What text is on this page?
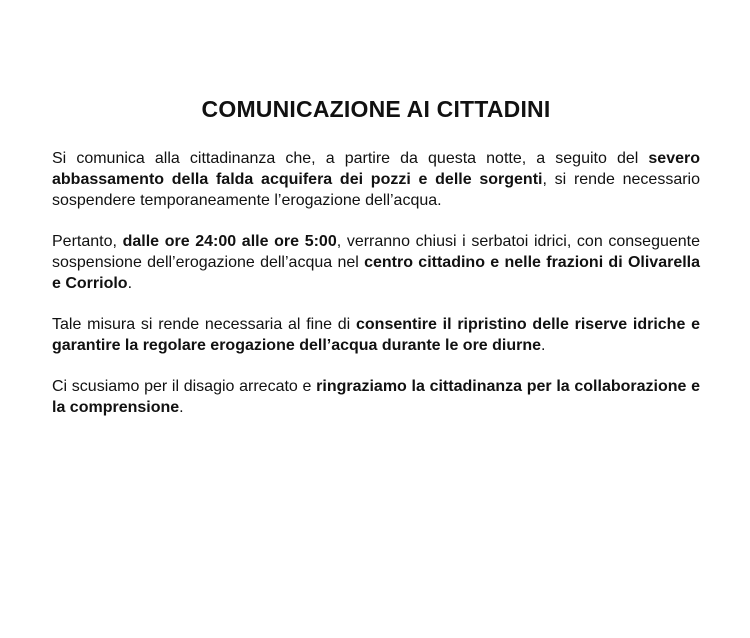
COMUNICAZIONE AI CITTADINI

Si comunica alla cittadinanza che, a partire da questa notte, a seguito del severo abbassamento della falda acquifera dei pozzi e delle sorgenti, si rende necessario sospendere temporaneamente l’erogazione dell’acqua.

Pertanto, dalle ore 24:00 alle ore 5:00, verranno chiusi i serbatoi idrici, con conseguente sospensione dell’erogazione dell’acqua nel centro cittadino e nelle frazioni di Olivarella e Corriolo.

Tale misura si rende necessaria al fine di consentire il ripristino delle riserve idriche e garantire la regolare erogazione dell’acqua durante le ore diurne.

Ci scusiamo per il disagio arrecato e ringraziamo la cittadinanza per la collaborazione e la comprensione.
